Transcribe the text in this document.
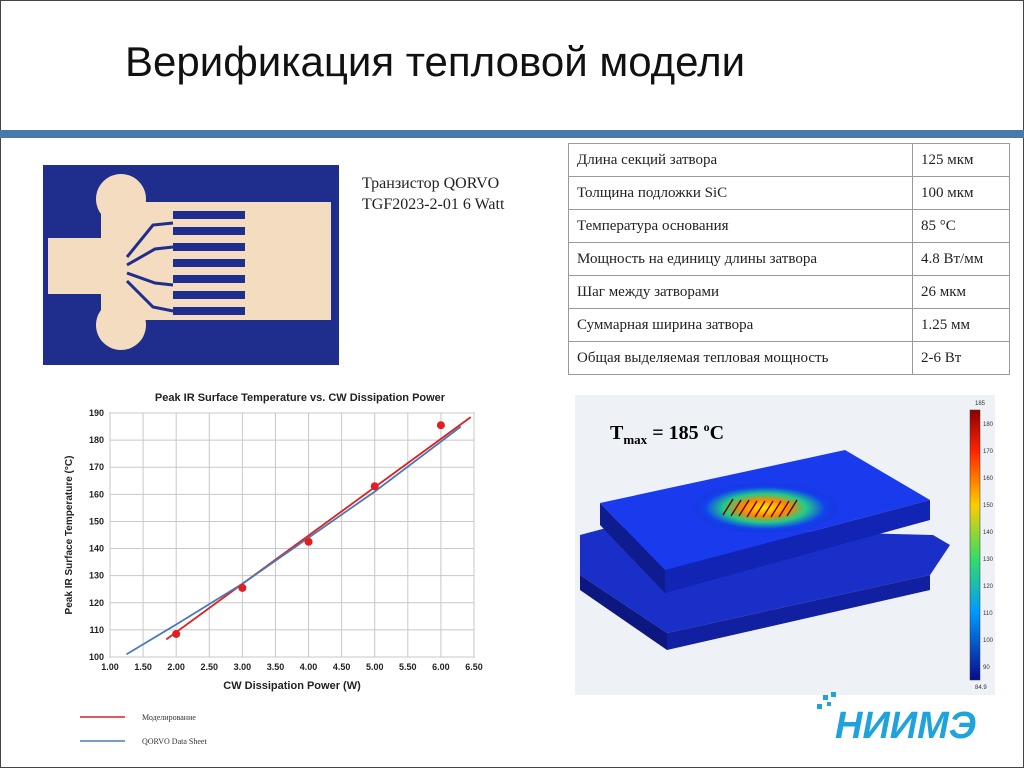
Верификация тепловой модели
Транзистор QORVO
TGF2023-2-01 6 Watt
Длина секций затвора	125 мкм
Толщина подложки SiC	100 мкм
Температура основания	85 °С
Мощность на единицу длины затвора	4.8 Вт/мм
Шаг между затворами	26 мкм
Суммарная ширина затвора	1.25 мм
Общая выделяемая тепловая мощность	2-6 Вт
Peak IR Surface Temperature vs. CW Dissipation Power
1.00 1.50 2.00 2.50 3.00 3.50 4.00 4.50 5.00 5.50 6.00 6.50
100
110
120
130
140
150
160
170
180
190
CW Dissipation Power (W)
Peak IR Surface Temperature (°C)
Моделирование
QORVO Data Sheet
$T_{max} = 185$ $^o$C
185
84.9
180
170
160
150
140
130
120
110
100
90
НИИМЭ
